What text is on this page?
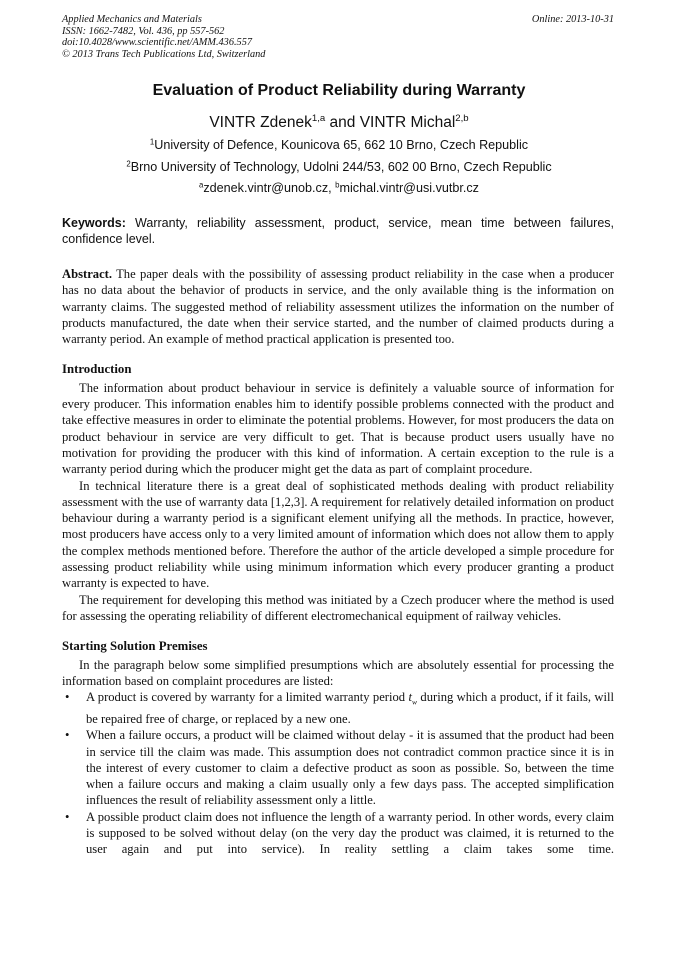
Applied Mechanics and Materials
ISSN: 1662-7482, Vol. 436, pp 557-562
doi:10.4028/www.scientific.net/AMM.436.557
© 2013 Trans Tech Publications Ltd, Switzerland
Online: 2013-10-31
Evaluation of Product Reliability during Warranty
VINTR Zdenek$^{1,a}$ and VINTR Michal$^{2,b}$
$^1$University of Defence, Kounicova 65, 662 10 Brno, Czech Republic
$^2$Brno University of Technology, Udolni 244/53, 602 00 Brno, Czech Republic
$^a$zdenek.vintr@unob.cz, $^b$michal.vintr@usi.vutbr.cz
Keywords: Warranty, reliability assessment, product, service, mean time between failures, confidence level.

Abstract. The paper deals with the possibility of assessing product reliability in the case when a producer has no data about the behavior of products in service, and the only available thing is the information on warranty claims. The suggested method of reliability assessment utilizes the information on the number of products manufactured, the date when their service started, and the number of claimed products during a warranty period. An example of method practical application is presented too.

Introduction

The information about product behaviour in service is definitely a valuable source of information for every producer. This information enables him to identify possible problems connected with the product and take effective measures in order to eliminate the potential problems. However, for most producers the data on product behaviour in service are very difficult to get. That is because product users usually have no motivation for providing the producer with this kind of information. A certain exception to the rule is a warranty period during which the producer might get the data as part of complaint procedure.

In technical literature there is a great deal of sophisticated methods dealing with product reliability assessment with the use of warranty data [1,2,3]. A requirement for relatively detailed information on product behaviour during a warranty period is a significant element unifying all the methods. In practice, however, most producers have access only to a very limited amount of information which does not allow them to apply the complex methods mentioned before. Therefore the author of the article developed a simple procedure for assessing product reliability while using minimum information which every producer granting a product warranty is expected to have.

The requirement for developing this method was initiated by a Czech producer where the method is used for assessing the operating reliability of different electromechanical equipment of railway vehicles.

Starting Solution Premises

In the paragraph below some simplified presumptions which are absolutely essential for processing the information based on complaint procedures are listed:

• A product is covered by warranty for a limited warranty period $t_w$ during which a product, if it fails, will be repaired free of charge, or replaced by a new one.
• When a failure occurs, a product will be claimed without delay - it is assumed that the product had been in service till the claim was made. This assumption does not contradict common practice since it is in the interest of every customer to claim a defective product as soon as possible. So, between the time when a failure occurs and making a claim usually only a few days pass. The accepted simplification influences the result of reliability assessment only a little.
• A possible product claim does not influence the length of a warranty period. In other words, every claim is supposed to be solved without delay (on the very day the product was claimed, it is returned to the user again and put into service). In reality settling a claim takes some time.
